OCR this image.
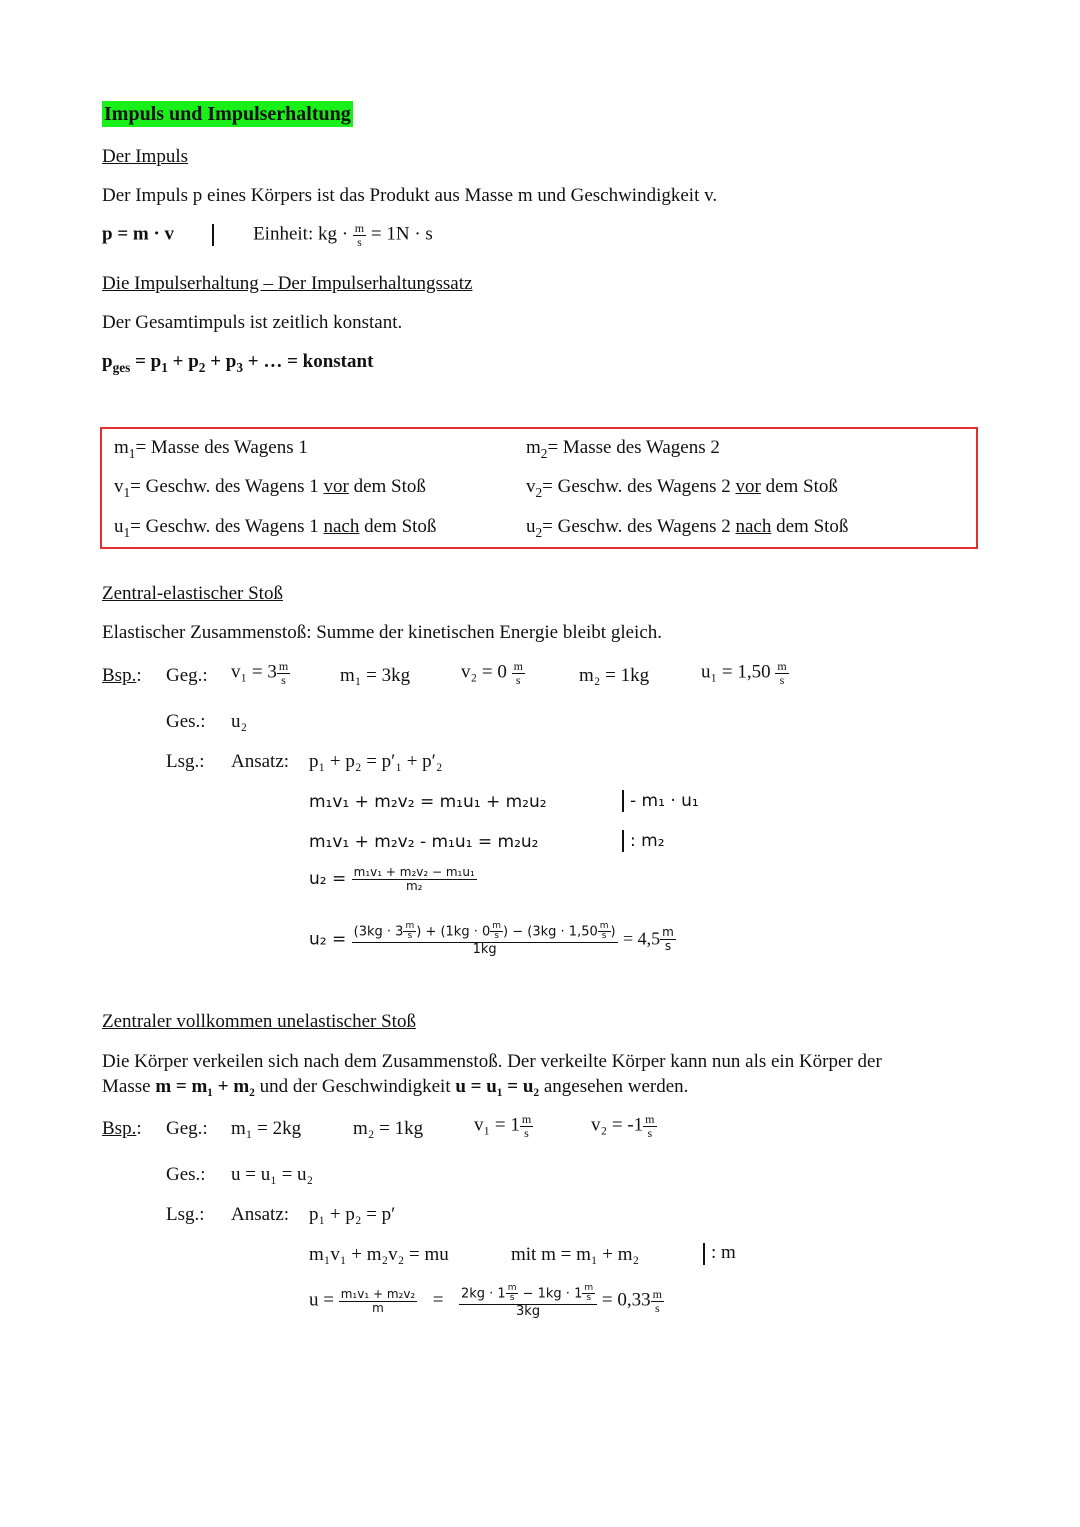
Impuls und Impulserhaltung
Der Impuls
Der Impuls p eines Körpers ist das Produkt aus Masse m und Geschwindigkeit v.
p = m · v	Einheit: kg · $\frac{m}{s} = 1N \cdot s$
Die Impulserhaltung – Der Impulserhaltungssatz
Der Gesamtimpuls ist zeitlich konstant.
$p_{ges} = p_1 + p_2 + p_3$ + … = konstant
$m_1=$ Masse des Wagens 1	$m_2=$ Masse des Wagens 2
$v_1=$ Geschw. des Wagens 1 vor dem Stoß	$v_2=$ Geschw. des Wagens 2 vor dem Stoß
$u_1=$ Geschw. des Wagens 1 nach dem Stoß	$u_2=$ Geschw. des Wagens 2 nach dem Stoß
Zentral-elastischer Stoß
Elastischer Zusammenstoß: Summe der kinetischen Energie bleibt gleich.
Bsp.: Geg.: $v_1 = 3 \frac{m}{s}$	m₁ = 3kg	$v_2 = 0 \frac{m}{s}$	m₂ = 1kg	$u_1 = 1,50 \frac{m}{s}$
Ges.: u₂
Lsg.: Ansatz: p₁ + p₂ = p′₁ + p′₂
m₁v₁ + m₂v₂ = m₁u₁ + m₂u₂	- m₁ · u₁
m₁v₁ + m₂v₂ - m₁u₁ = m₂u₂	: m₂
$u_2 = \frac{\text{m₁v₁ + m₂v₂ − m₁u₁}}{\text{m₂}}$
$u_2 = \frac{(3kg \cdot 3 \frac{m}{s} ) + (1kg \cdot 0 \frac{m}{s} ) - (3kg \cdot 1,50 \frac{m}{s} )}{1kg} = 4,5 \frac{m}{s}$
Zentraler vollkommen unelastischer Stoß
Die Körper verkeilen sich nach dem Zusammenstoß. Der verkeilte Körper kann nun als ein Körper der
Masse m = m₁ + m₂ und der Geschwindigkeit u = u₁ = u₂ angesehen werden.
Bsp.: Geg.: m₁ = 2kg	m₂ = 1kg	$v_1 = 1 \frac{m}{s}$	$v_2 = -1 \frac{m}{s}$
Ges.: u = u₁ = u₂
Lsg.: Ansatz: p₁ + p₂ = p′
m₁v₁ + m₂v₂ = mu	mit m = m₁ + m₂	: m
$u = \frac{\text{m₁v₁ + m₂v₂}}{m} = \frac{2kg \cdot 1 \frac{m}{s} - 1kg \cdot 1 \frac{m}{s}}{3kg} = 0,33 \frac{m}{s}$
